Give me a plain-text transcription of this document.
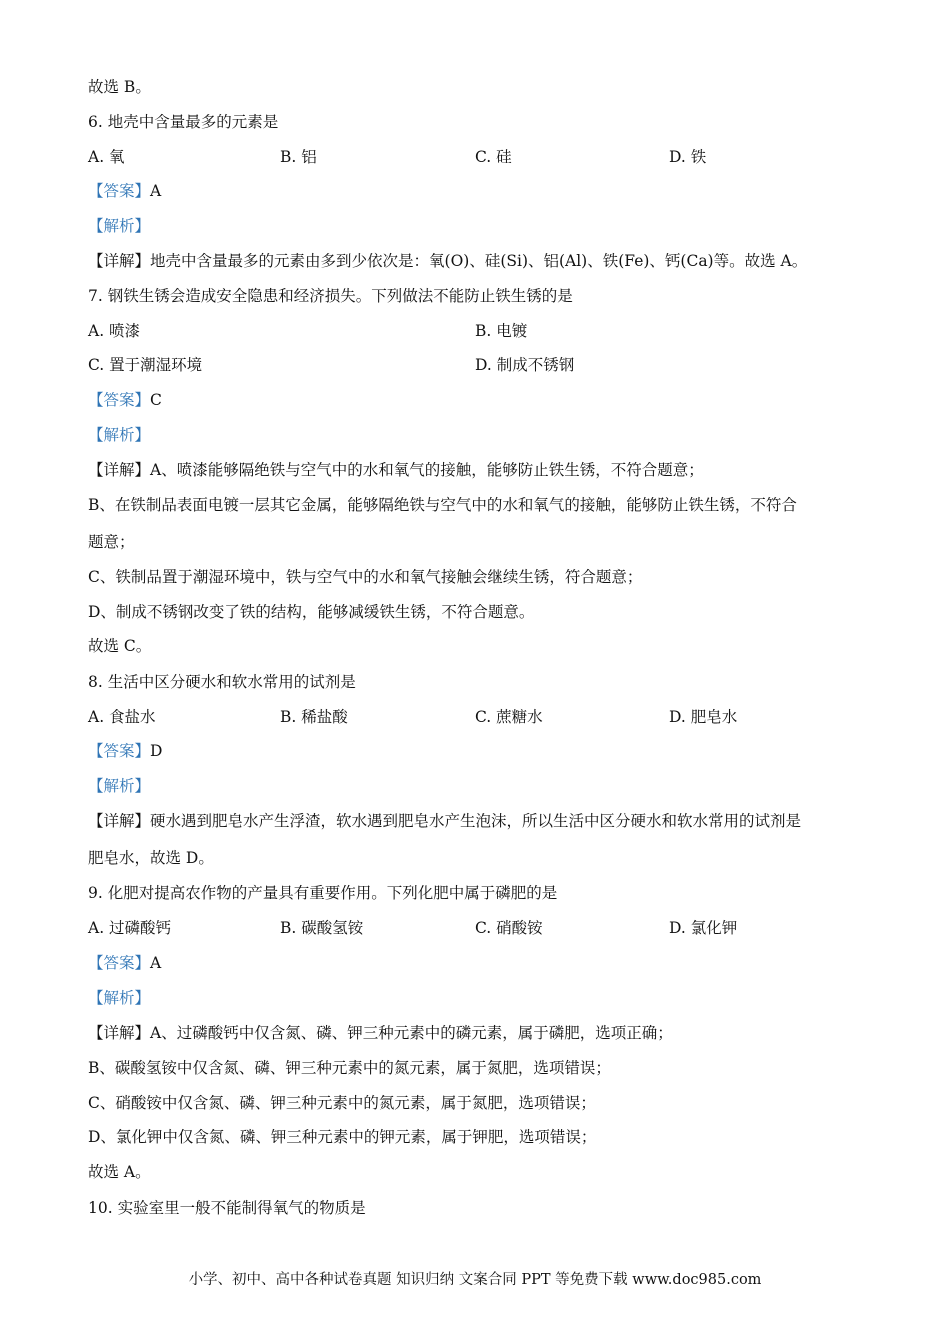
故选 B。
6. 地壳中含量最多的元素是
A. 氧	B. 铝	C. 硅	D. 铁
【答案】A
【解析】
【详解】地壳中含量最多的元素由多到少依次是：氧(O)、硅(Si)、铝(Al)、铁(Fe)、钙(Ca)等。故选 A。
7. 钢铁生锈会造成安全隐患和经济损失。下列做法不能防止铁生锈的是
A. 喷漆	B. 电镀
C. 置于潮湿环境	D. 制成不锈钢
【答案】C
【解析】
【详解】A、喷漆能够隔绝铁与空气中的水和氧气的接触，能够防止铁生锈，不符合题意；
B、在铁制品表面电镀一层其它金属，能够隔绝铁与空气中的水和氧气的接触，能够防止铁生锈，不符合
题意；
C、铁制品置于潮湿环境中，铁与空气中的水和氧气接触会继续生锈，符合题意；
D、制成不锈钢改变了铁的结构，能够减缓铁生锈，不符合题意。
故选 C。
8. 生活中区分硬水和软水常用的试剂是
A. 食盐水	B. 稀盐酸	C. 蔗糖水	D. 肥皂水
【答案】D
【解析】
【详解】硬水遇到肥皂水产生浮渣，软水遇到肥皂水产生泡沫，所以生活中区分硬水和软水常用的试剂是
肥皂水，故选 D。
9. 化肥对提高农作物的产量具有重要作用。下列化肥中属于磷肥的是
A. 过磷酸钙	B. 碳酸氢铵	C. 硝酸铵	D. 氯化钾
【答案】A
【解析】
【详解】A、过磷酸钙中仅含氮、磷、钾三种元素中的磷元素，属于磷肥，选项正确；
B、碳酸氢铵中仅含氮、磷、钾三种元素中的氮元素，属于氮肥，选项错误；
C、硝酸铵中仅含氮、磷、钾三种元素中的氮元素，属于氮肥，选项错误；
D、氯化钾中仅含氮、磷、钾三种元素中的钾元素，属于钾肥，选项错误；
故选 A。
10. 实验室里一般不能制得氧气的物质是
小学、初中、高中各种试卷真题 知识归纳 文案合同 PPT 等免费下载 www.doc985.com
